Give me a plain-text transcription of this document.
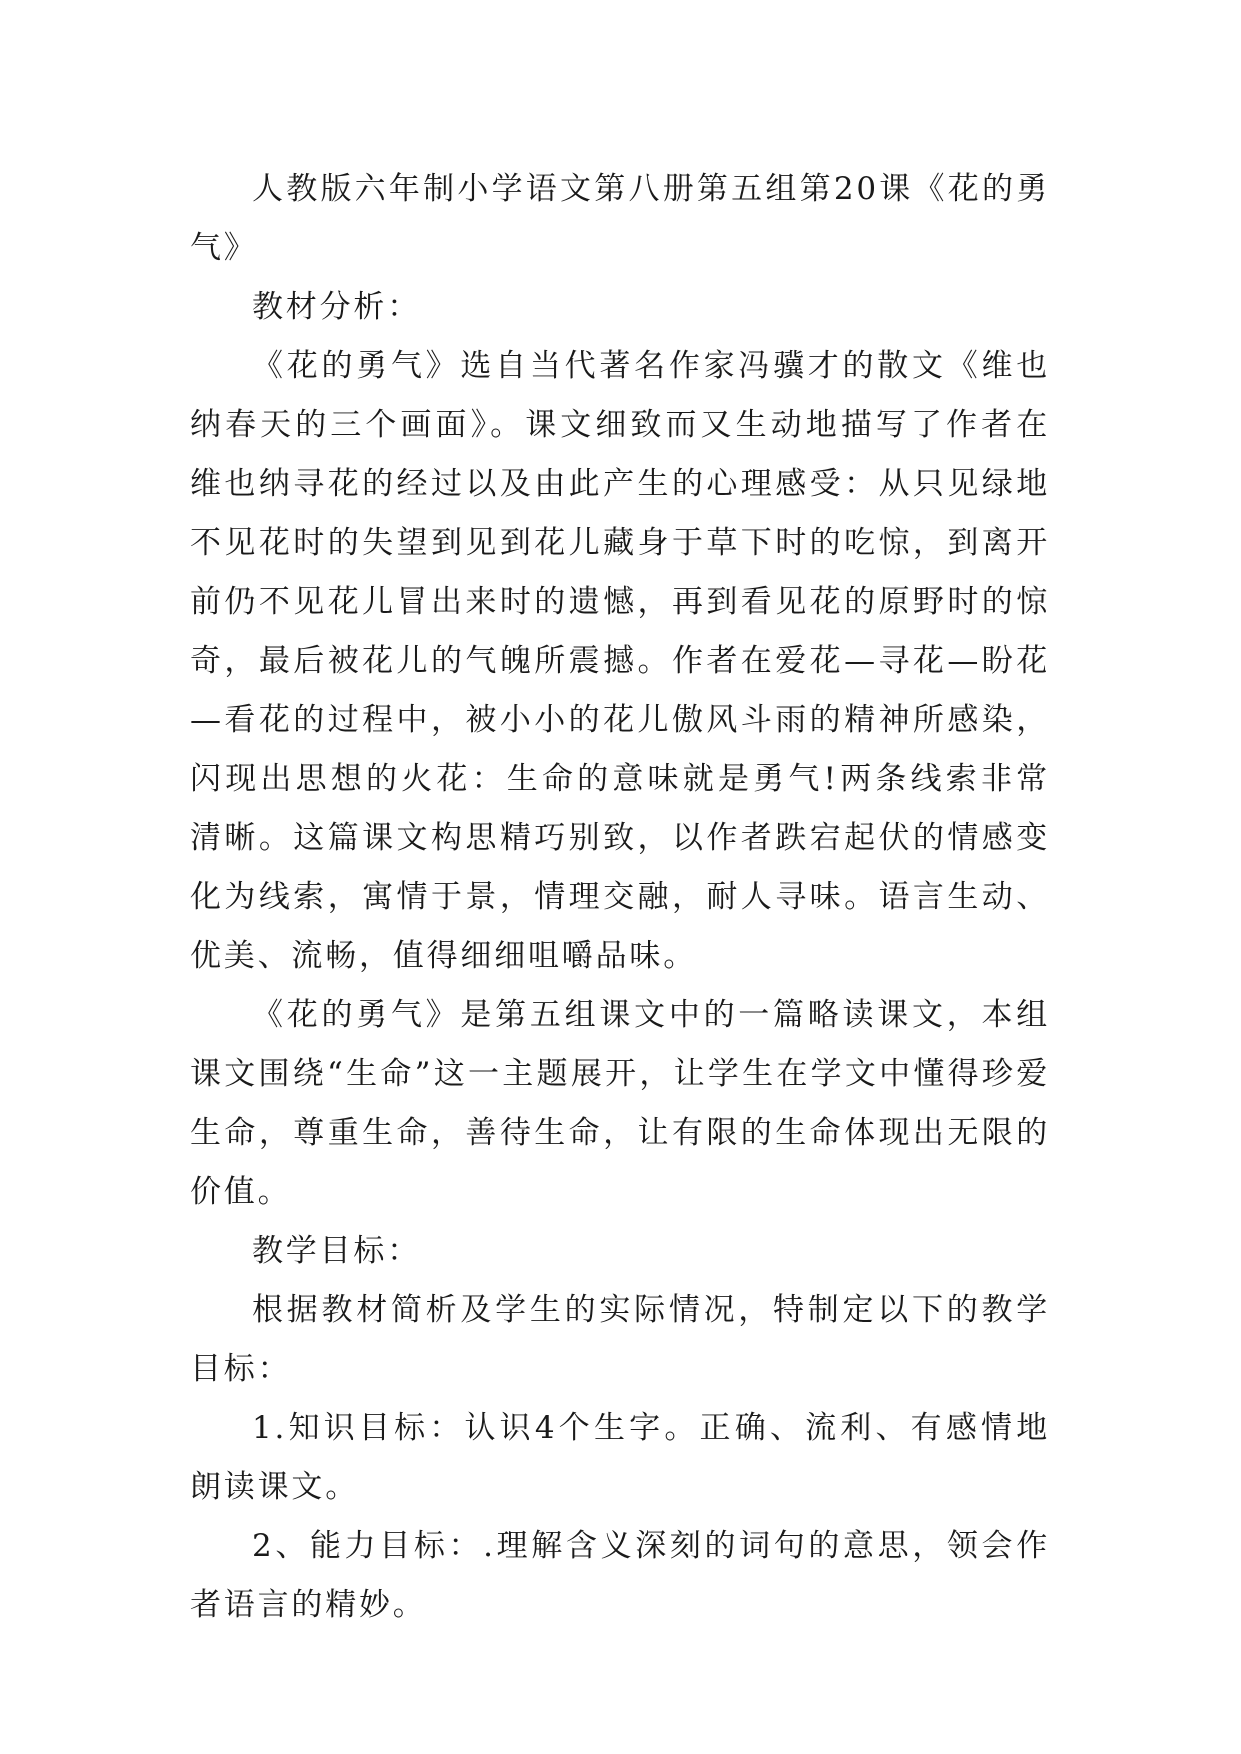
人教版六年制小学语文第八册第五组第20课《花的勇气》

教材分析：

《花的勇气》选自当代著名作家冯骥才的散文《维也纳春天的三个画面》。课文细致而又生动地描写了作者在维也纳寻花的经过以及由此产生的心理感受：从只见绿地不见花时的失望到见到花儿藏身于草下时的吃惊，到离开前仍不见花儿冒出来时的遗憾，再到看见花的原野时的惊奇，最后被花儿的气魄所震撼。作者在爱花—寻花—盼花—看花的过程中，被小小的花儿傲风斗雨的精神所感染，闪现出思想的火花：生命的意味就是勇气!两条线索非常清晰。这篇课文构思精巧别致，以作者跌宕起伏的情感变化为线索，寓情于景，情理交融，耐人寻味。语言生动、优美、流畅，值得细细咀嚼品味。

《花的勇气》是第五组课文中的一篇略读课文，本组课文围绕“生命”这一主题展开，让学生在学文中懂得珍爱生命，尊重生命，善待生命，让有限的生命体现出无限的价值。

教学目标：

根据教材简析及学生的实际情况，特制定以下的教学目标：

1.知识目标：认识4个生字。正确、流利、有感情地朗读课文。

2、能力目标：.理解含义深刻的词句的意思，领会作者语言的精妙。
